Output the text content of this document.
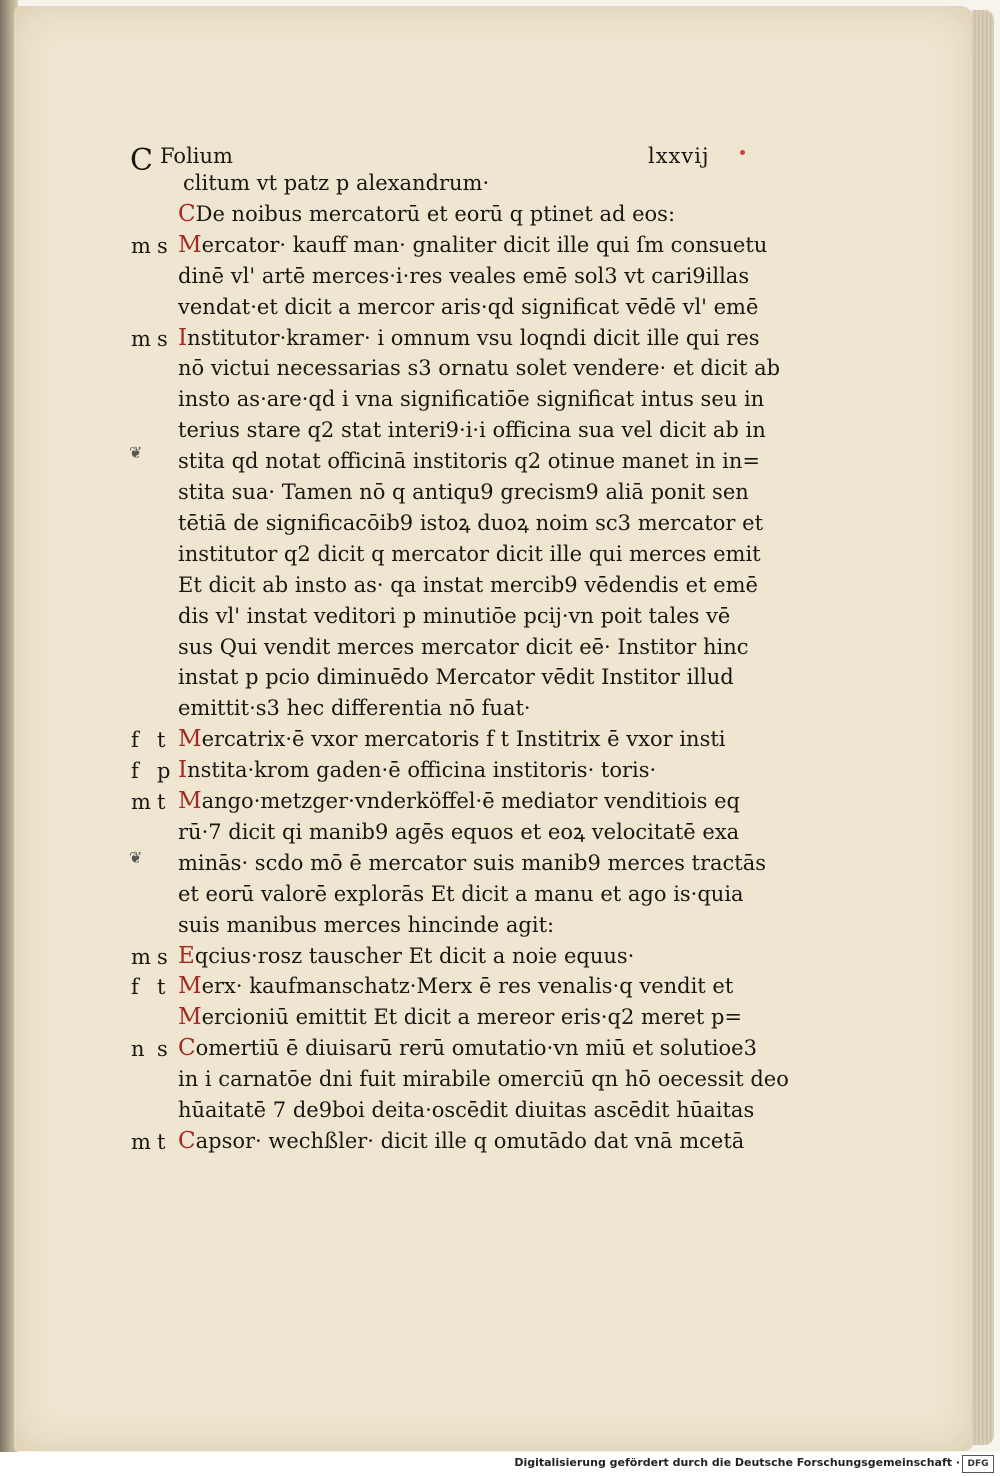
C Folium	lxxvij
clitum vt patz p alexandrum·
CDe noibus mercatorū et eorū q ptinet ad eos:
m s Mercator· kauff man· gnaliter dicit ille qui ſm consuetu
dinē vl' artē merces·i·res veales emē sol3 vt cari9illas
vendat·et dicit a mercor aris·qd significat vēdē vl' emē
m s Institutor·kramer· i omnum vsu loqndi dicit ille qui res
nō victui necessarias s3 ornatu solet vendere· et dicit ab
insto as·are·qd i vna significatiōe significat intus seu in
terius stare q2 stat interi9·i·i officina sua vel dicit ab in
stita qd notat officinā institoris q2 otinue manet in in=
stita sua· Tamen nō q antiqu9 grecism9 aliā ponit sen
tētiā de significacōib9 istoꝝ duoꝝ noim sc3 mercator et
institutor q2 dicit q mercator dicit ille qui merces emit
Et dicit ab insto as· qa instat mercib9 vēdendis et emē
dis vl' instat veditori p minutiōe pcij·vn poit tales vē
sus Qui vendit merces mercator dicit eē· Institor hinc
instat p pcio diminuēdo Mercator vēdit Institor illud
emittit·s3 hec differentia nō fuat·
f t Mercatrix·ē vxor mercatoris f t Institrix ē vxor insti
f p Instita·krom gaden·ē officina institoris· toris·
m t Mango·metzger·vnderköffel·ē mediator venditiois eq
rū·7 dicit qi manib9 agēs equos et eoꝝ velocitatē exa
minās· scdo mō ē mercator suis manib9 merces tractās
et eorū valorē explorās Et dicit a manu et ago is·quia
suis manibus merces hincinde agit:
m s Eqcius·rosz tauscher Et dicit a noie equus·
f t Merx· kaufmanschatz·Merx ē res venalis·q vendit et
Mercioniū emittit Et dicit a mereor eris·q2 meret p=
n s Comertiū ē diuisarū rerū omutatio·vn miū et solutioe3
in i carnatōe dni fuit mirabile omerciū qn hō oecessit deo
hūaitatē 7 de9boi deita·oscēdit diuitas ascēdit hūaitas
m t Capsor· wechßler· dicit ille q omutādo dat vnā mcetā
❦
❦
Digitalisierung gefördert durch die Deutsche Forschungsgemeinschaft · DFG
